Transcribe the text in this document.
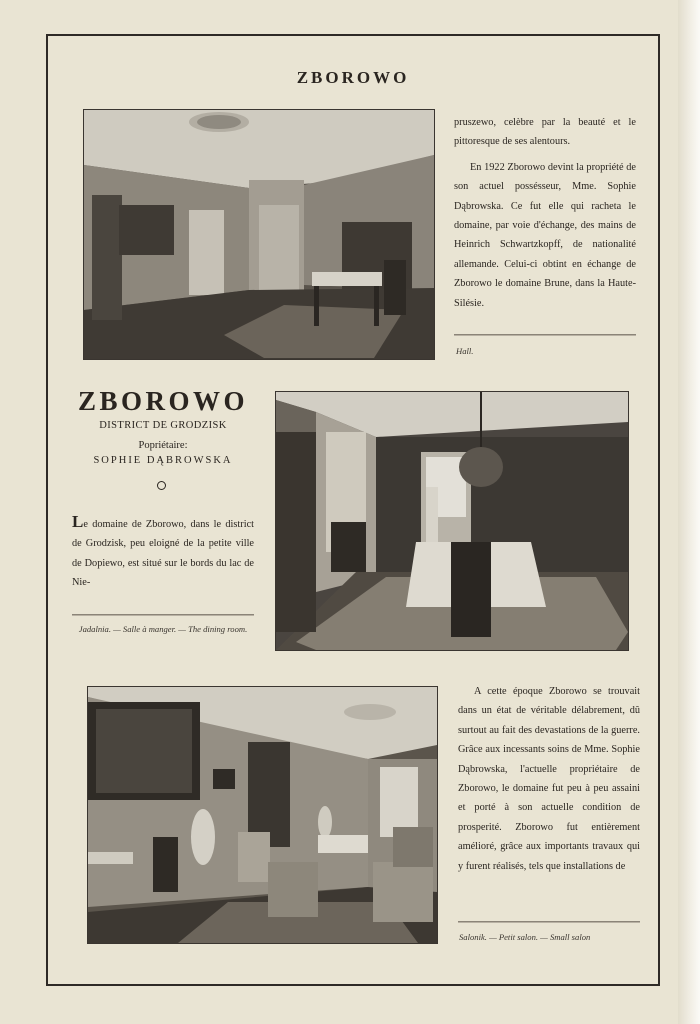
ZBOROWO

pruszewo, celèbre par la beauté et le pittoresque de ses alentours.

En 1922 Zborowo devint la propriété de son actuel possésseur, Mme. Sophie Dąbrowska. Ce fut elle qui racheta le domaine, par voie d'échange, des mains de Heinrich Schwartzkopff, de nationalité allemande. Celui-ci obtint en échange de Zborowo le domaine Brune, dans la Haute-Silésie.

Hall.
ZBOROWO
DISTRICT DE GRODZISK
Popriétaire:
SOPHIE DĄBROWSKA

Le domaine de Zborowo, dans le district de Grodzisk, peu eloigné de la petite ville de Dopiewo, est situé sur le bords du lac de Nie-

Jadalnia. — Salle à manger. — The dining room.

A cette époque Zborowo se trouvait dans un état de véritable délabrement, dû surtout au fait des devastations de la guerre. Grâce aux incessants soins de Mme. Sophie Dąbrowska, l'actuelle propriétaire de Zborowo, le domaine fut peu à peu assaini et porté à son actuelle condition de prosperité. Zborowo fut entièrement amélioré, grâce aux importants travaux qui y furent réalisés, tels que installations de

Salonik. — Petit salon. — Small salon
